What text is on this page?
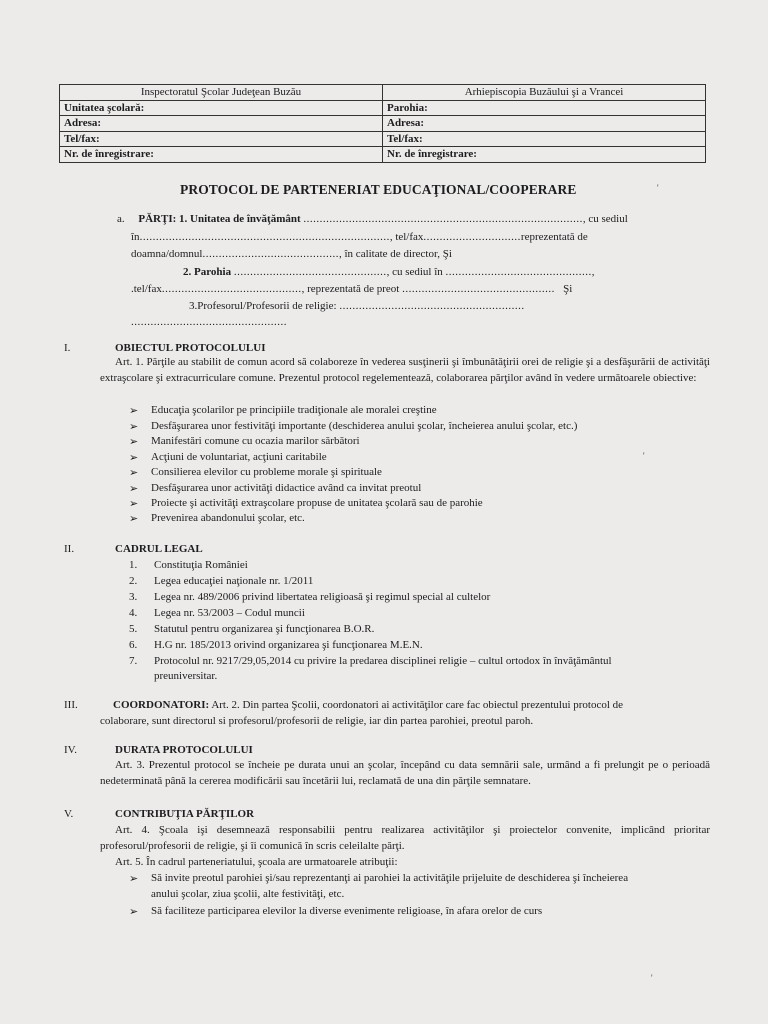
Inspectoratul Şcolar Judeţean Buzău	Arhiepiscopia Buzăului şi a Vrancei
Unitatea şcolară:	Parohia:
Adresa:	Adresa:
Tel/fax:	Tel/fax:
Nr. de înregistrare:	Nr. de înregistrare:
PROTOCOL DE PARTENERIAT EDUCAŢIONAL/COOPERARE
a. PĂRŢI: 1. Unitatea de învăţământ ......................................................................................, cu sediul
în............................................................................., tel/fax..............................reprezentată de
doamna/domnul.........................................., în calitate de director, Şi
2. Parohia ..............................................., cu sediul în .............................................,
.tel/fax..........................................., reprezentată de preot ............................................... Şi
3.Profesorul/Profesorii de religie: .........................................................
................................................
I.	OBIECTUL PROTOCOLULUI
Art. 1. Părţile au stabilit de comun acord să colaboreze în vederea susţinerii şi îmbunătăţirii orei de religie şi a desfăşurării de activităţi extraşcolare şi extracurriculare comune. Prezentul protocol regelementează, colaborarea părţilor având în vedere următoarele obiective:
➢ Educaţia şcolarilor pe principiile tradiţionale ale moralei creştine
➢ Desfăşurarea unor festivităţi importante (deschiderea anului şcolar, încheierea anului şcolar, etc.)
➢ Manifestări comune cu ocazia marilor sărbători
➢ Acţiuni de voluntariat, acţiuni caritabile
➢ Consilierea elevilor cu probleme morale şi spirituale
➢ Desfăşurarea unor activităţi didactice având ca invitat preotul
➢ Proiecte şi activităţi extraşcolare propuse de unitatea şcolară sau de parohie
➢ Prevenirea abandonului şcolar, etc.
II.	CADRUL LEGAL
1. Constituţia României
2. Legea educaţiei naţionale nr. 1/2011
3. Legea nr. 489/2006 privind libertatea religioasă şi regimul special al cultelor
4. Legea nr. 53/2003 – Codul muncii
5. Statutul pentru organizarea şi funcţionarea B.O.R.
6. H.G nr. 185/2013 orivind organizarea şi funcţionarea M.E.N.
7. Protocolul nr. 9217/29,05,2014 cu privire la predarea disciplinei religie – cultul ortodox în învăţământul
preuniversitar.
III.	COORDONATORI: Art. 2. Din partea Şcolii, coordonatori ai activităţilor care fac obiectul prezentului protocol de
colaborare, sunt directorul si profesorul/profesorii de religie, iar din partea parohiei, preotul paroh.
IV.	DURATA PROTOCOLULUI
Art. 3. Prezentul protocol se încheie pe durata unui an şcolar, începând cu data semnării sale, urmând a fi prelungit pe o perioadă nedeterminată până la cererea modificării sau încetării lui, reclamată de una din părţile semnatare.
V.	CONTRIBUŢIA PĂRŢILOR
Art. 4. Şcoala işi desemnează responsabilii pentru realizarea activităţilor şi proiectelor convenite, implicând prioritar profesorul/profesorii de religie, şi îi comunică în scris celeilalte părţi.
Art. 5. În cadrul parteneriatului, şcoala are urmatoarele atribuţii:
➢ Să invite preotul parohiei şi/sau reprezentanţi ai parohiei la activităţile prijeluite de deschiderea şi încheierea
anului şcolar, ziua şcolii, alte festivităţi, etc.
➢ Să faciliteze participarea elevilor la diverse evenimente religioase, în afara orelor de curs
'
'
'
